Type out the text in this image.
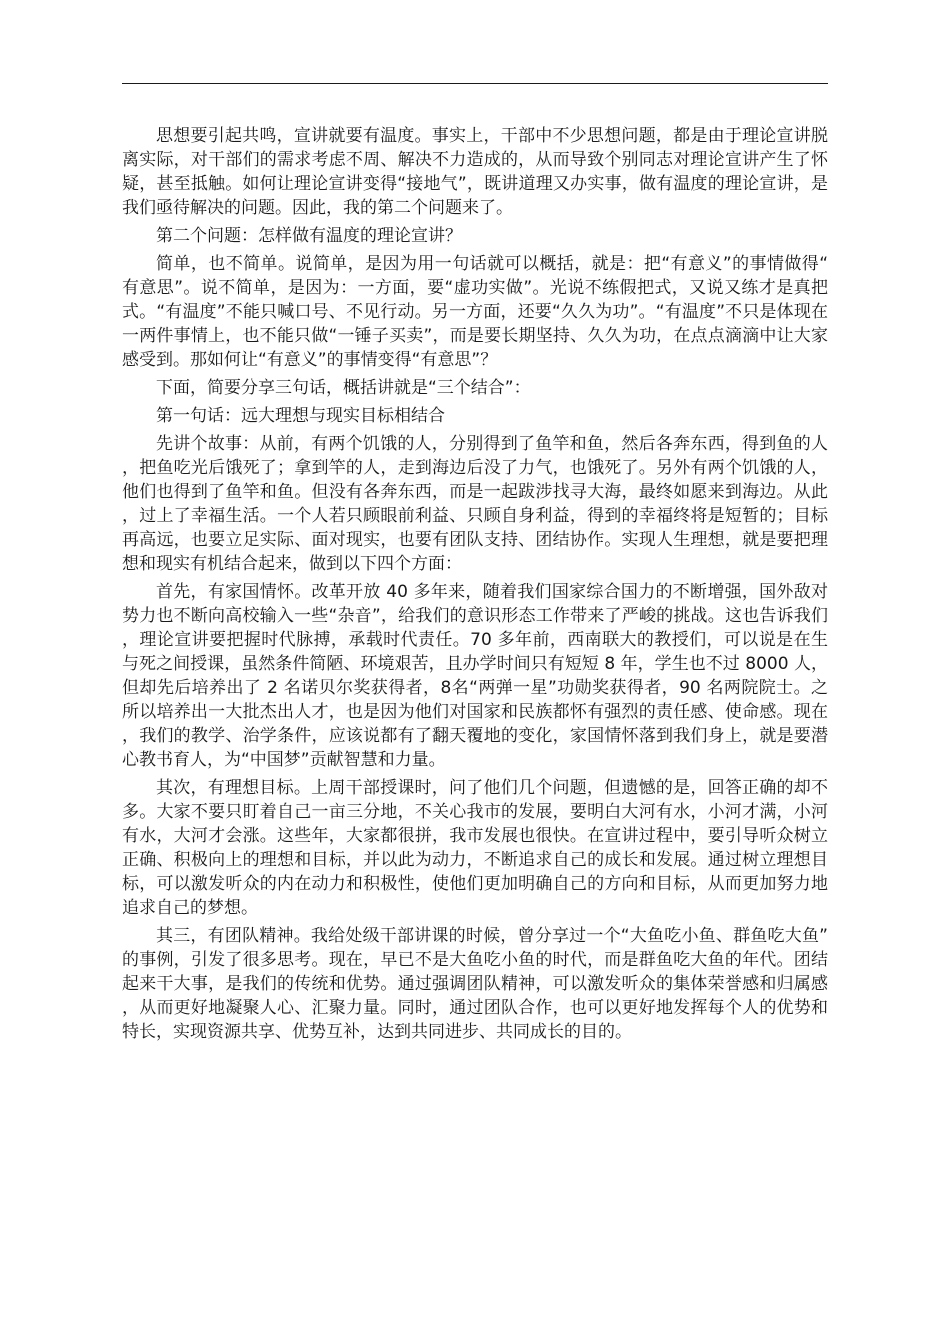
思想要引起共鸣，宣讲就要有温度。事实上，干部中不少思想问题，都是由于理论宣讲脱离实际，对干部们的需求考虑不周、解决不力造成的，从而导致个别同志对理论宣讲产生了怀疑，甚至抵触。如何让理论宣讲变得“接地气”，既讲道理又办实事，做有温度的理论宣讲，是我们亟待解决的问题。因此，我的第二个问题来了。

第二个问题：怎样做有温度的理论宣讲？

简单，也不简单。说简单，是因为用一句话就可以概括，就是：把“有意义”的事情做得“有意思”。说不简单，是因为：一方面，要“虚功实做”。光说不练假把式，又说又练才是真把式。“有温度”不能只喊口号、不见行动。另一方面，还要“久久为功”。“有温度”不只是体现在一两件事情上，也不能只做“一锤子买卖”，而是要长期坚持、久久为功，在点点滴滴中让大家感受到。那如何让“有意义”的事情变得“有意思”？

下面，简要分享三句话，概括讲就是“三个结合”：

第一句话：远大理想与现实目标相结合

先讲个故事：从前，有两个饥饿的人，分别得到了鱼竿和鱼，然后各奔东西，得到鱼的人，把鱼吃光后饿死了；拿到竿的人，走到海边后没了力气，也饿死了。另外有两个饥饿的人，他们也得到了鱼竿和鱼。但没有各奔东西，而是一起跋涉找寻大海，最终如愿来到海边。从此，过上了幸福生活。一个人若只顾眼前利益、只顾自身利益，得到的幸福终将是短暂的；目标再高远，也要立足实际、面对现实，也要有团队支持、团结协作。实现人生理想，就是要把理想和现实有机结合起来，做到以下四个方面：

首先，有家国情怀。改革开放 40 多年来，随着我们国家综合国力的不断增强，国外敌对势力也不断向高校输入一些“杂音”，给我们的意识形态工作带来了严峻的挑战。这也告诉我们，理论宣讲要把握时代脉搏，承载时代责任。70 多年前，西南联大的教授们，可以说是在生与死之间授课，虽然条件简陋、环境艰苦，且办学时间只有短短 8 年，学生也不过 8000 人，但却先后培养出了 2 名诺贝尔奖获得者，8名“两弹一星”功勋奖获得者，90 名两院院士。之所以培养出一大批杰出人才，也是因为他们对国家和民族都怀有强烈的责任感、使命感。现在，我们的教学、治学条件，应该说都有了翻天覆地的变化，家国情怀落到我们身上，就是要潜心教书育人，为“中国梦”贡献智慧和力量。

其次，有理想目标。上周干部授课时，问了他们几个问题，但遗憾的是，回答正确的却不多。大家不要只盯着自己一亩三分地，不关心我市的发展，要明白大河有水，小河才满，小河有水，大河才会涨。这些年，大家都很拼，我市发展也很快。在宣讲过程中，要引导听众树立正确、积极向上的理想和目标，并以此为动力，不断追求自己的成长和发展。通过树立理想目标，可以激发听众的内在动力和积极性，使他们更加明确自己的方向和目标，从而更加努力地追求自己的梦想。

其三，有团队精神。我给处级干部讲课的时候，曾分享过一个“大鱼吃小鱼、群鱼吃大鱼”的事例，引发了很多思考。现在，早已不是大鱼吃小鱼的时代，而是群鱼吃大鱼的年代。团结起来干大事，是我们的传统和优势。通过强调团队精神，可以激发听众的集体荣誉感和归属感，从而更好地凝聚人心、汇聚力量。同时，通过团队合作，也可以更好地发挥每个人的优势和特长，实现资源共享、优势互补，达到共同进步、共同成长的目的。
